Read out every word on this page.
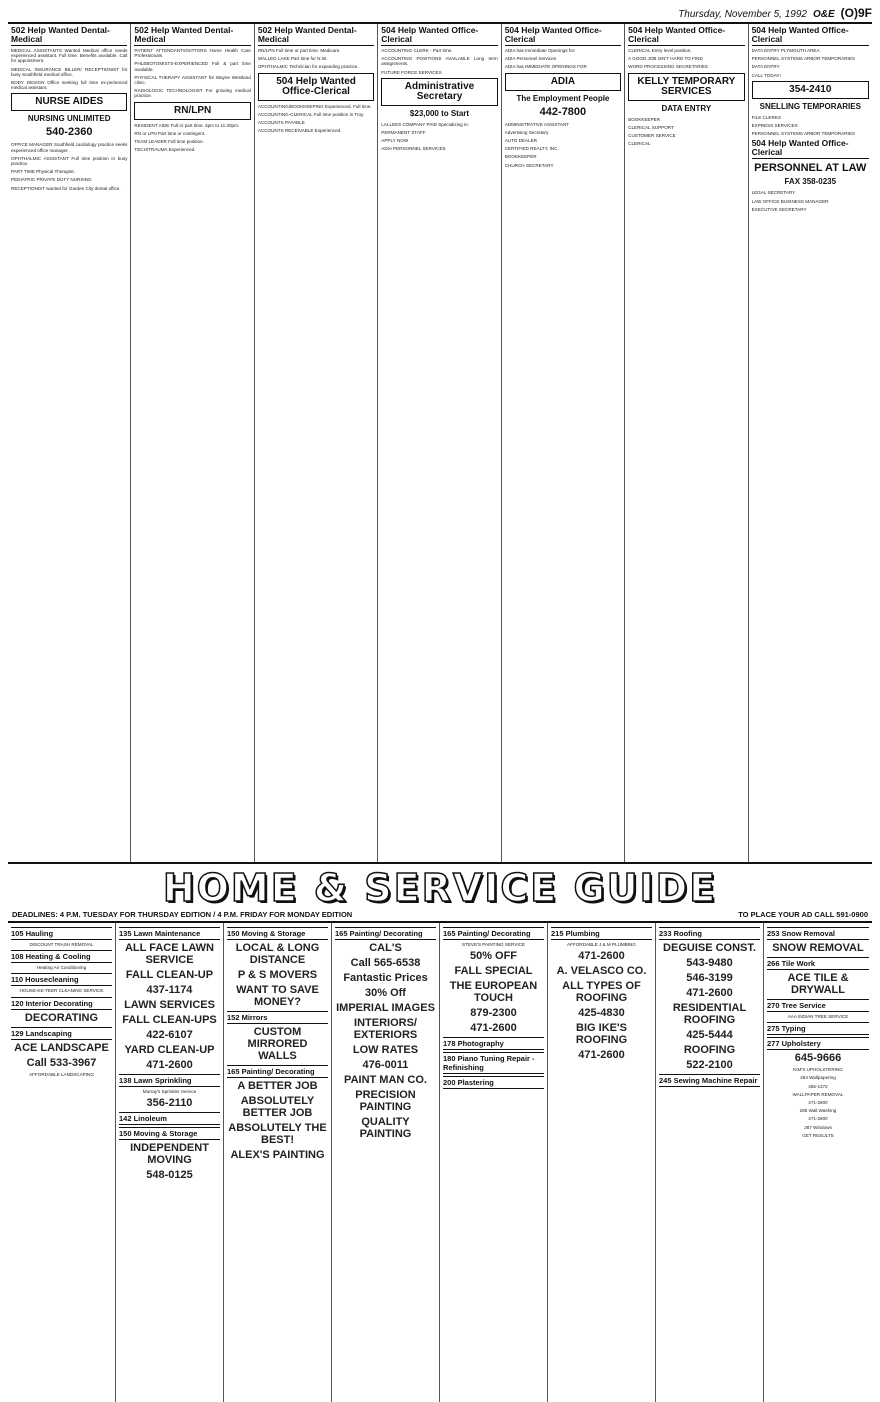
Thursday, November 5, 1992 O&E (O)9F
502 Help Wanted Dental-Medical
MEDICAL ASSISTANTS Wanted Medical office needs experienced assistant. Full time. Benefits available. Call for appointment.
MEDICAL INSURANCE BILLER/ RECEPTIONIST for busy Southfield medical office.
BODY DESIGN Office seeking full time ex-perienced medical assistant.
NURSE AIDES
NURSING UNLIMITED
540-2360
OFFICE MANAGER Southfield cardiology practice seeks experienced office manager.
OPHTHALMIC ASSISTANT Full time position in busy practice.
PART TIME Physical Therapist.
PEDIATRIC PRIVATE DUTY NURSING
RECEPTIONIST wanted for Garden City dental office.
502 Help Wanted Dental-Medical
PATIENT ATTENDANTS/SITTERS Home Health Care Professionals.
PHLEBOTOMISTS-EXPERIENCED Full & part time available.
PHYSICAL THERAPY ASSISTANT for Wayne Westland clinic.
RADIOLOGIC TECHNOLOGIST For growing medical practice.
RN/LPN
RESIDENT AIDE Full or part time. 3pm to 11:30pm.
RN or LPN Part time or contingent.
TEAM LEADER Full time position.
TECH/TRAUMA Experienced.
502 Help Wanted Dental-Medical
RN/LPN Full time or part time. Medicare.
WALLED LAKE Part time for N.W.
OPHTHALMIC Technician for expanding practice.
504 Help Wanted Office-Clerical
ACCOUNTING/BOOKKEEPING Experienced. Full time.
ACCOUNTING-CLERICAL Full time position in Troy.
ACCOUNTS PAYABLE
ACCOUNTS RECEIVABLE Experienced.
504 Help Wanted Office-Clerical
ACCOUNTING CLERK - Part time.
ACCOUNTING POSITIONS AVAILABLE Long term assignments.
FUTURE FORCE SERVICES
Administrative Secretary
$23,000 to Start
LALLEES COMPANY PAID Specializing in:
PERMANENT STAFF
APPLY NOW
ADIA PERSONNEL SERVICES
504 Help Wanted Office-Clerical
ADIA has Immediate Openings for:
ADIA Personnel Services
ADIA has IMMEDIATE OPENINGS FOR
ADIA
The Employment People
442-7800
ADMINISTRATIVE ASSISTANT
Advertising Secretary
AUTO DEALER
CERTIFIED REALTY, INC.
BOOKKEEPER
CHURCH SECRETARY
504 Help Wanted Office-Clerical
CLERICAL Entry level position.
A GOOD JOB ISN'T HARD TO FIND
WORD PROCESSING SECRETARIES
KELLY TEMPORARY SERVICES
DATA ENTRY
BOOKKEEPER
CLERICAL SUPPORT
CUSTOMER SERVICE
CLERICAL
504 Help Wanted Office-Clerical
DATA ENTRY PLYMOUTH AREA
PERSONNEL SYSTEMS ARBOR TEMPORARIES
DATA ENTRY
CALL TODAY!
354-2410
SNELLING TEMPORARIES
FILE CLERKS
EXPRESS SERVICES
PERSONNEL SYSTEMS ARBOR TEMPORARIES
504 Help Wanted Office-Clerical
PERSONNEL AT LAW
FAX 358-0235
LEGAL SECRETARY
LAW OFFICE BUSINESS MANAGER
EXECUTIVE SECRETARY
HOME & SERVICE GUIDE
DEADLINES: 4 P.M. TUESDAY FOR THURSDAY EDITION / 4 P.M. FRIDAY FOR MONDAY EDITION	TO PLACE YOUR AD CALL 591-0900
105 Hauling
DISCOUNT TRASH REMOVAL
108 Heating & Cooling
Heating Air Conditioning
110 Housecleaning
HOUSE-KE-TEER CLEANING SERVICE
120 Interior Decorating
DECORATING
129 Landscaping
ACE LANDSCAPE
Call 533-3967
AFFORDABLE LANDSCAPING
135 Lawn Maintenance
ALL FACE LAWN SERVICE
FALL CLEAN-UP
437-1174
LAWN SERVICES
FALL CLEAN-UPS
422-6107
YARD CLEAN-UP
471-2600
138 Lawn Sprinkling
Murray's Sprinkler Service
356-2110
142 Linoleum
150 Moving & Storage
INDEPENDENT MOVING
548-0125
150 Moving & Storage
LOCAL & LONG DISTANCE
P & S MOVERS
WANT TO SAVE MONEY?
152 Mirrors
CUSTOM MIRRORED WALLS
165 Painting/ Decorating
A BETTER JOB
ABSOLUTELY BETTER JOB
ABSOLUTELY THE BEST!
ALEX'S PAINTING
165 Painting/ Decorating
CAL'S
Call 565-6538
Fantastic Prices
30% Off
IMPERIAL IMAGES
INTERIORS/ EXTERIORS
LOW RATES
476-0011
PAINT MAN CO.
PRECISION PAINTING
QUALITY PAINTING
165 Painting/ Decorating
STEVE'S PAINTING SERVICE
50% OFF
FALL SPECIAL
THE EUROPEAN TOUCH
879-2300
471-2600
178 Photography
180 Piano Tuning Repair - Refinishing
200 Plastering
215 Plumbing
AFFORDABLE J & M PLUMBING
471-2600
A. VELASCO CO.
ALL TYPES OF ROOFING
425-4830
BIG IKE'S ROOFING
471-2600
233 Roofing
DEGUISE CONST.
543-9480
546-3199
471-2600
RESIDENTIAL ROOFING
425-5444
ROOFING
522-2100
245 Sewing Machine Repair
253 Snow Removal
SNOW REMOVAL
266 Tile Work
ACE TILE & DRYWALL
270 Tree Service
AAA INDIAN TREE SERVICE
275 Typing
277 Upholstery
645-9666
KIM'S UPHOLSTERING
284 Wallpapering
455-1372
WALLPAPER REMOVAL
471-2600
285 Wall Washing
471-2600
287 Windows
GET RESULTS
